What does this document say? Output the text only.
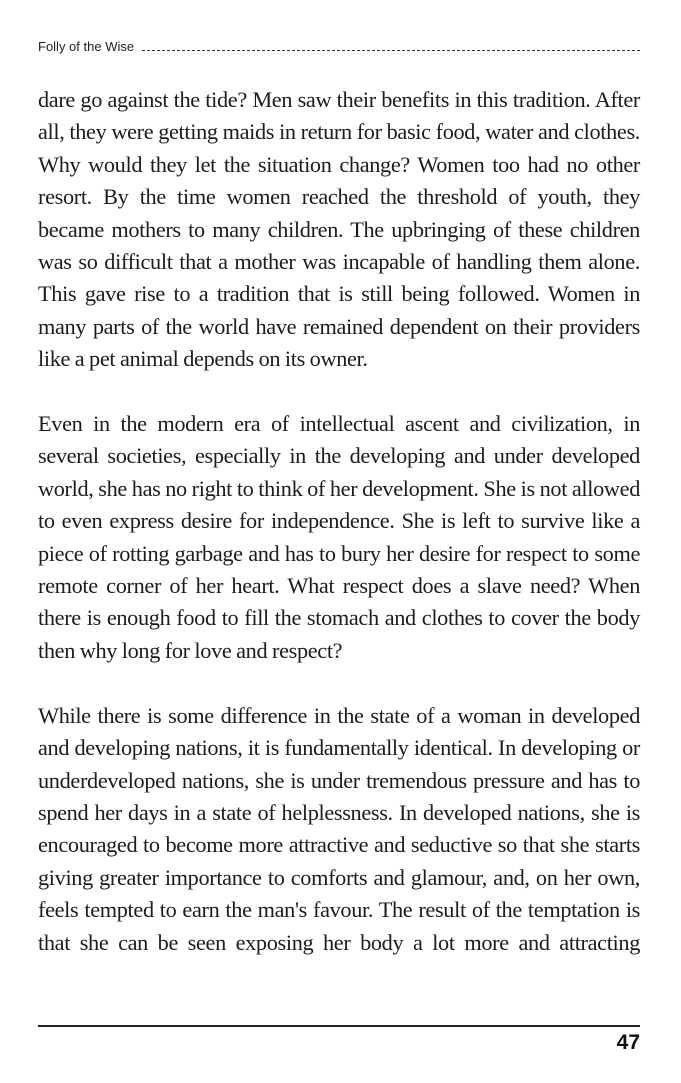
Folly of the Wise

dare go against the tide? Men saw their benefits in this tradition. After all, they were getting maids in return for basic food, water and clothes. Why would they let the situation change? Women too had no other resort. By the time women reached the threshold of youth, they became mothers to many children. The upbringing of these children was so difficult that a mother was incapable of handling them alone. This gave rise to a tradition that is still being followed. Women in many parts of the world have remained dependent on their providers like a pet animal depends on its owner.

Even in the modern era of intellectual ascent and civilization, in several societies, especially in the developing and under developed world, she has no right to think of her development. She is not allowed to even express desire for independence. She is left to survive like a piece of rotting garbage and has to bury her desire for respect to some remote corner of her heart. What respect does a slave need? When there is enough food to fill the stomach and clothes to cover the body then why long for love and respect?

While there is some difference in the state of a woman in developed and developing nations, it is fundamentally identical. In developing or underdeveloped nations, she is under tremendous pressure and has to spend her days in a state of helplessness. In developed nations, she is encouraged to become more attractive and seductive so that she starts giving greater importance to comforts and glamour, and, on her own, feels tempted to earn the man's favour. The result of the temptation is that she can be seen exposing her body a lot more and attracting

47
